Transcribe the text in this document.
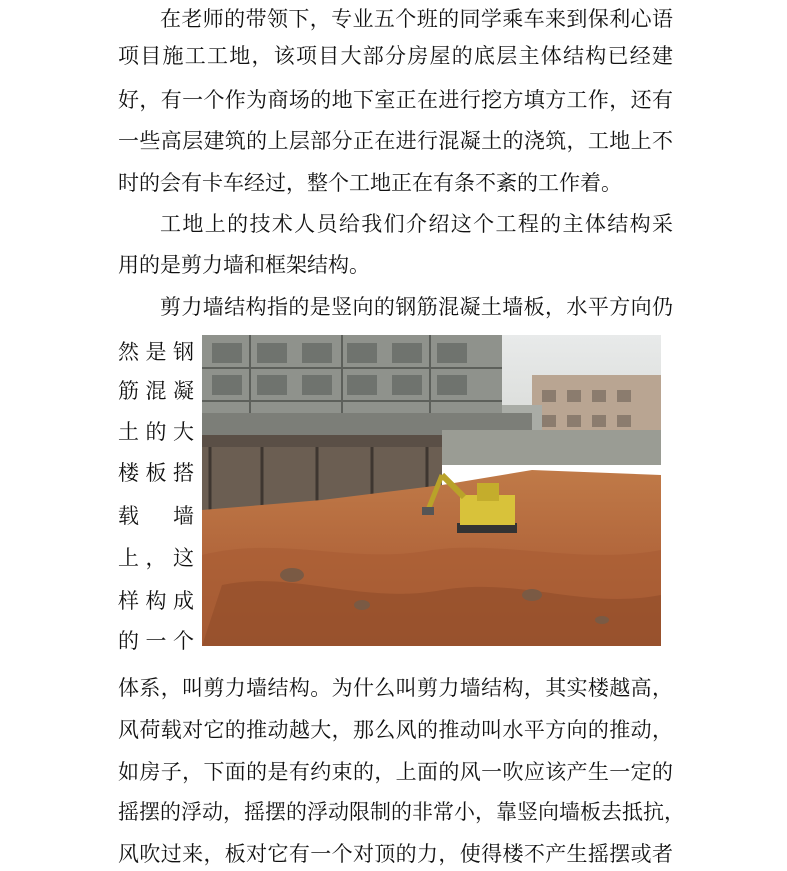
在老师的带领下，专业五个班的同学乘车来到保利心语
项目施工工地，该项目大部分房屋的底层主体结构已经建
好，有一个作为商场的地下室正在进行挖方填方工作，还有
一些高层建筑的上层部分正在进行混凝土的浇筑，工地上不
时的会有卡车经过，整个工地正在有条不紊的工作着。
工地上的技术人员给我们介绍这个工程的主体结构采
用的是剪力墙和框架结构。
剪力墙结构指的是竖向的钢筋混凝土墙板，水平方向仍
然是钢
筋混凝
土的大
楼板搭
载　墙
上，这
样构成
的一个
体系，叫剪力墙结构。为什么叫剪力墙结构，其实楼越高，
风荷载对它的推动越大，那么风的推动叫水平方向的推动，
如房子，下面的是有约束的，上面的风一吹应该产生一定的
摇摆的浮动，摇摆的浮动限制的非常小，靠竖向墙板去抵抗，
风吹过来，板对它有一个对顶的力，使得楼不产生摇摆或者
